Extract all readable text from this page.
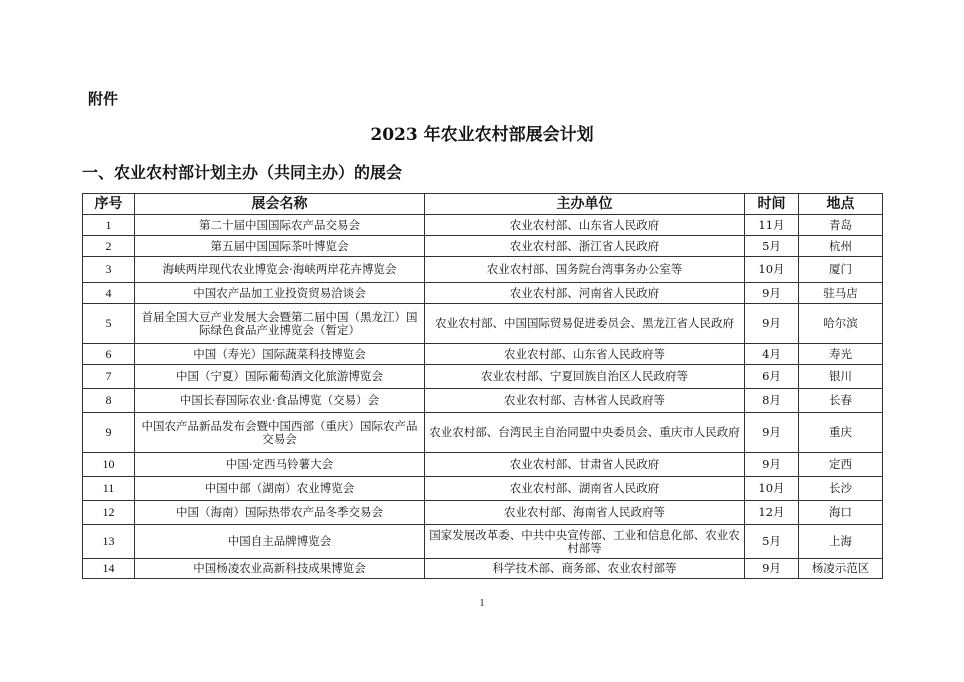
附件
2023 年农业农村部展会计划
一、农业农村部计划主办（共同主办）的展会
序号	展会名称	主办单位	时间	地点
1	第二十届中国国际农产品交易会	农业农村部、山东省人民政府	11月	青岛
2	第五届中国国际茶叶博览会	农业农村部、浙江省人民政府	5月	杭州
3	海峡两岸现代农业博览会·海峡两岸花卉博览会	农业农村部、国务院台湾事务办公室等	10月	厦门
4	中国农产品加工业投资贸易洽谈会	农业农村部、河南省人民政府	9月	驻马店
5	首届全国大豆产业发展大会暨第二届中国（黑龙江）国际绿色食品产业博览会（暂定）	农业农村部、中国国际贸易促进委员会、黑龙江省人民政府	9月	哈尔滨
6	中国（寿光）国际蔬菜科技博览会	农业农村部、山东省人民政府等	4月	寿光
7	中国（宁夏）国际葡萄酒文化旅游博览会	农业农村部、宁夏回族自治区人民政府等	6月	银川
8	中国长春国际农业·食品博览（交易）会	农业农村部、吉林省人民政府等	8月	长春
9	中国农产品新品发布会暨中国西部（重庆）国际农产品交易会	农业农村部、台湾民主自治同盟中央委员会、重庆市人民政府	9月	重庆
10	中国·定西马铃薯大会	农业农村部、甘肃省人民政府	9月	定西
11	中国中部（湖南）农业博览会	农业农村部、湖南省人民政府	10月	长沙
12	中国（海南）国际热带农产品冬季交易会	农业农村部、海南省人民政府等	12月	海口
13	中国自主品牌博览会	国家发展改革委、中共中央宣传部、工业和信息化部、农业农村部等	5月	上海
14	中国杨凌农业高新科技成果博览会	科学技术部、商务部、农业农村部等	9月	杨凌示范区
1
